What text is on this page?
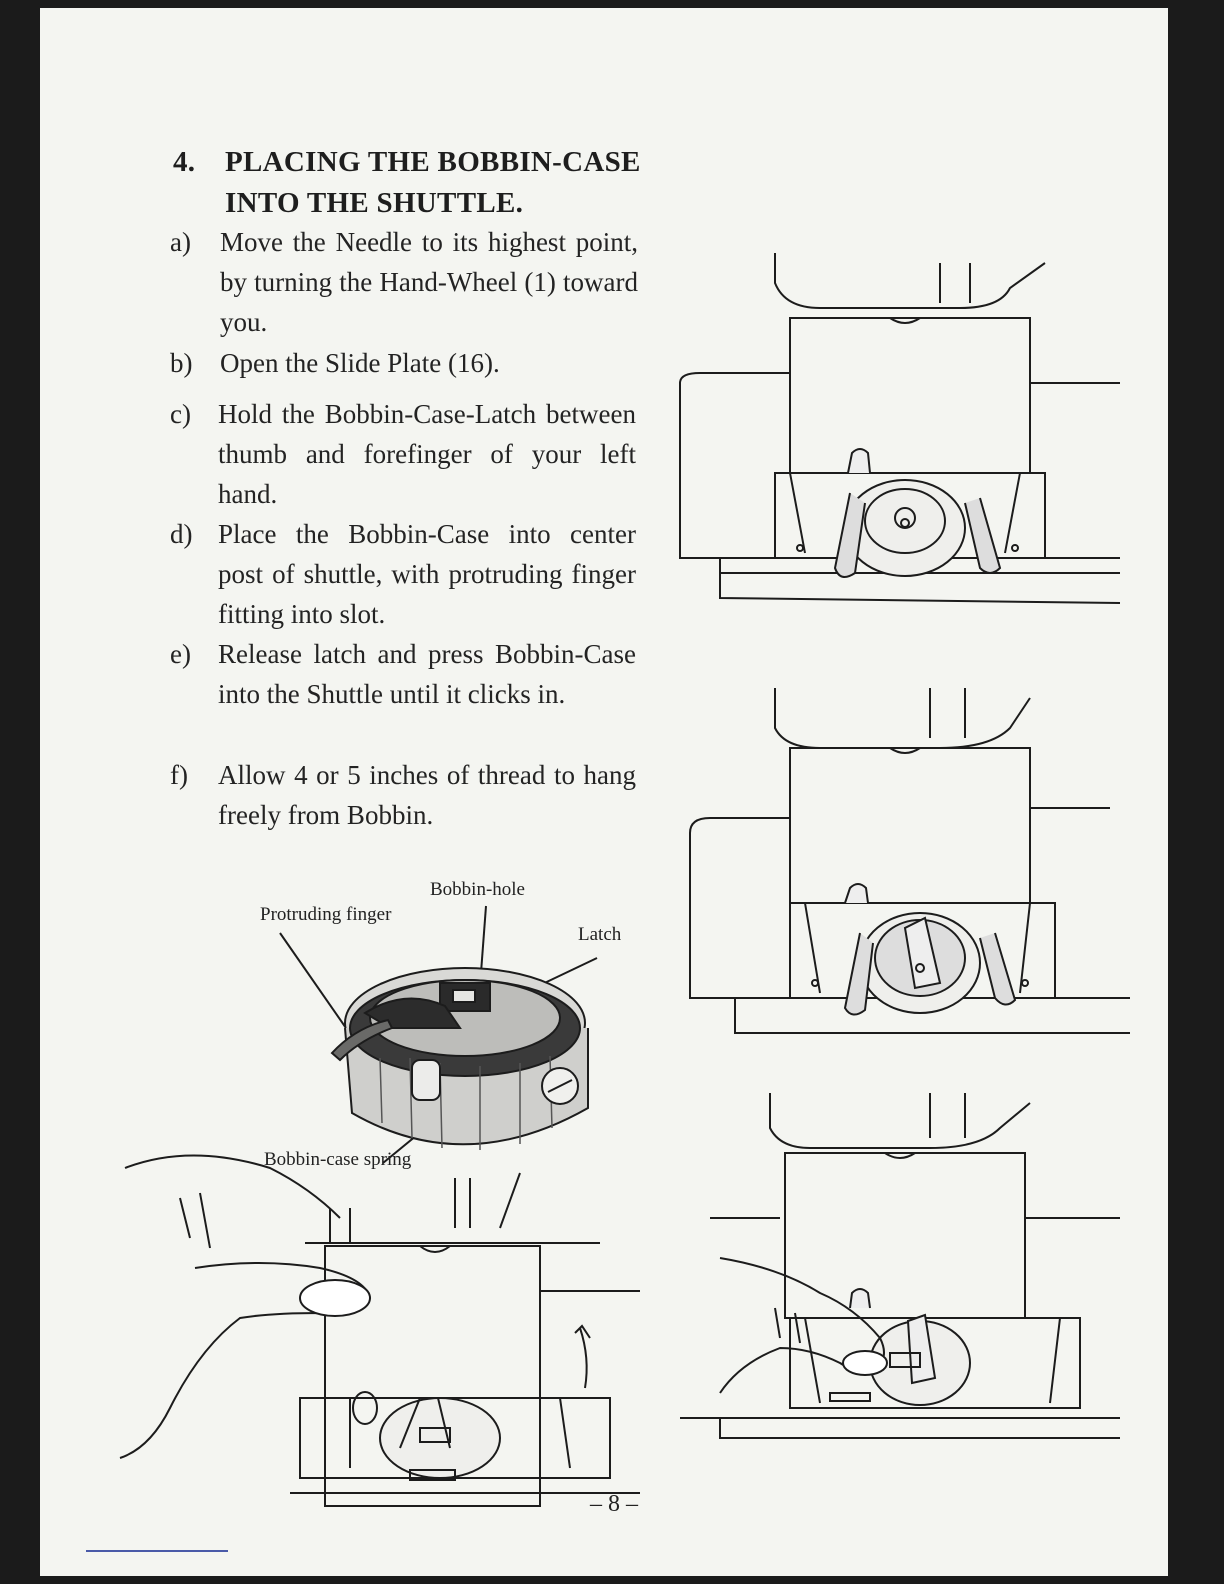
4. PLACING THE BOBBIN-CASE INTO THE SHUTTLE.
a) Move the Needle to its highest point, by turning the Hand-Wheel (1) toward you.
b) Open the Slide Plate (16).
c) Hold the Bobbin-Case-Latch between thumb and forefinger of your left hand.
d) Place the Bobbin-Case into center post of shuttle, with protruding finger fitting into slot.
e) Release latch and press Bobbin-Case into the Shuttle until it clicks in.
f) Allow 4 or 5 inches of thread to hang freely from Bobbin.
Bobbin-hole
Protruding finger
Latch
Bobbin-case spring
– 8 –
